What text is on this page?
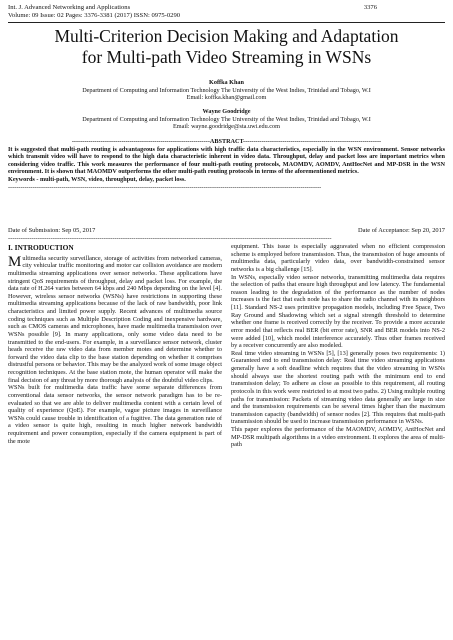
Int. J. Advanced Networking and Applications
Volume: 09 Issue: 02 Pages: 3376-3381 (2017) ISSN: 0975-0290
3376
Multi-Criterion Decision Making and Adaptation
for Multi-path Video Streaming in WSNs
Koffka Khan
Department of Computing and Information Technology The University of the West Indies, Trinidad and Tobago, W.I
Email: koffka.khan@gmail.com
Wayne Goodridge
Department of Computing and Information Technology The University of the West Indies, Trinidad and Tobago, W.I
Email: wayne.goodridge@sta.uwi.edu.com
-------------------------------------------------------------------ABSTRACT-------------------------------------------------------------------
It is suggested that multi-path routing is advantageous for applications with high traffic data characteristics, especially in the WSN environment. Sensor networks which transmit video will have to respond to the high data characteristic inherent in video data. Throughput, delay and packet loss are important metrics when considering video traffic. This work measures the performance of four multi-path routing protocols, MAOMDV, AOMDV, AntHocNet and MP-DSR in the WSN environment. It is shown that MAOMDV outperforms the other multi-path routing protocols in terms of the aforementioned metrics.
Keywords - multi-path, WSN, video, throughput, delay, packet loss.
--------------------------------------------------------------------------------------------------------------------------------------------------------
Date of Submission: Sep 05, 2017	Date of Acceptance: Sep 20, 2017
--------------------------------------------------------------------------------------------------------------------------------------------------------
I. INTRODUCTION

Multimedia security surveillance, storage of activities from networked cameras, city vehicular traffic monitoring and motor car collision avoidance are modern multimedia streaming applications over sensor networks. These applications have stringent QoS requirements of throughput, delay and packet loss. For example, the data rate of H.264 varies between 64 kbps and 240 Mbps depending on the level [4]. However, wireless sensor networks (WSNs) have restrictions in supporting these multimedia streaming applications because of the lack of raw bandwidth, poor link characteristics and limited power supply. Recent advances of multimedia source coding techniques such as Multiple Description Coding and inexpensive hardware, such as CMOS cameras and microphones, have made multimedia transmission over WSNs possible [9]. In many applications, only some video data need to be transmitted to the end-users. For example, in a surveillance sensor network, cluster heads receive the raw video data from member motes and determine whether to forward the video data clip to the base station depending on whether it comprises distrustful persons or behavior. This may be the analyzed work of some image object recognition techniques. At the base station mote, the human operator will make the final decision of any threat by more thorough analysis of the doubtful video clips.

WSNs built for multimedia data traffic have some separate differences from conventional data sensor networks, the sensor network paradigm has to be re-evaluated so that we are able to deliver multimedia content with a certain level of quality of experience (QoE). For example, vague picture images in surveillance WSNs could cause trouble in identification of a fugitive. The data generation rate of a video sensor is quite high, resulting in much higher network bandwidth requirement and power consumption, especially if the camera equipment is part of the mote

equipment. This issue is especially aggravated when no efficient compression scheme is employed before transmission. Thus, the transmission of huge amounts of multimedia data, particularly video data, over bandwidth-constrained sensor networks is a big challenge [15].

In WSNs, especially video sensor networks, transmitting multimedia data requires the selection of paths that ensure high throughput and low latency. The fundamental reason leading to the degradation of the performance as the number of nodes increases is the fact that each node has to share the radio channel with its neighbors [11]. Standard NS-2 uses primitive propagation models, including Free Space, Two Ray Ground and Shadowing which set a signal strength threshold to determine whether one frame is received correctly by the receiver. To provide a more accurate error model that reflects real BER (bit error rate), SNR and BER models into NS-2 were added [10], which model interference accurately. Thus other frames received by a receiver concurrently are also modeled.

Real time video streaming in WSNs [5], [13] generally poses two requirements: 1) Guaranteed end to end transmission delay: Real time video streaming applications generally have a soft deadline which requires that the video streaming in WSNs should always use the shortest routing path with the minimum end to end transmission delay; To adhere as close as possible to this requirement, all routing protocols in this work were restricted to at most two paths. 2) Using multiple routing paths for transmission: Packets of streaming video data generally are large in size and the transmission requirements can be several times higher than the maximum transmission capacity (bandwidth) of sensor nodes [2]. This requires that multi-path transmission should be used to increase transmission performance in WSNs.

This paper explores the performance of the MAOMDV, AOMDV, AntHocNet and MP-DSR multipath algorithms in a video environment. It explores the area of multi-path
